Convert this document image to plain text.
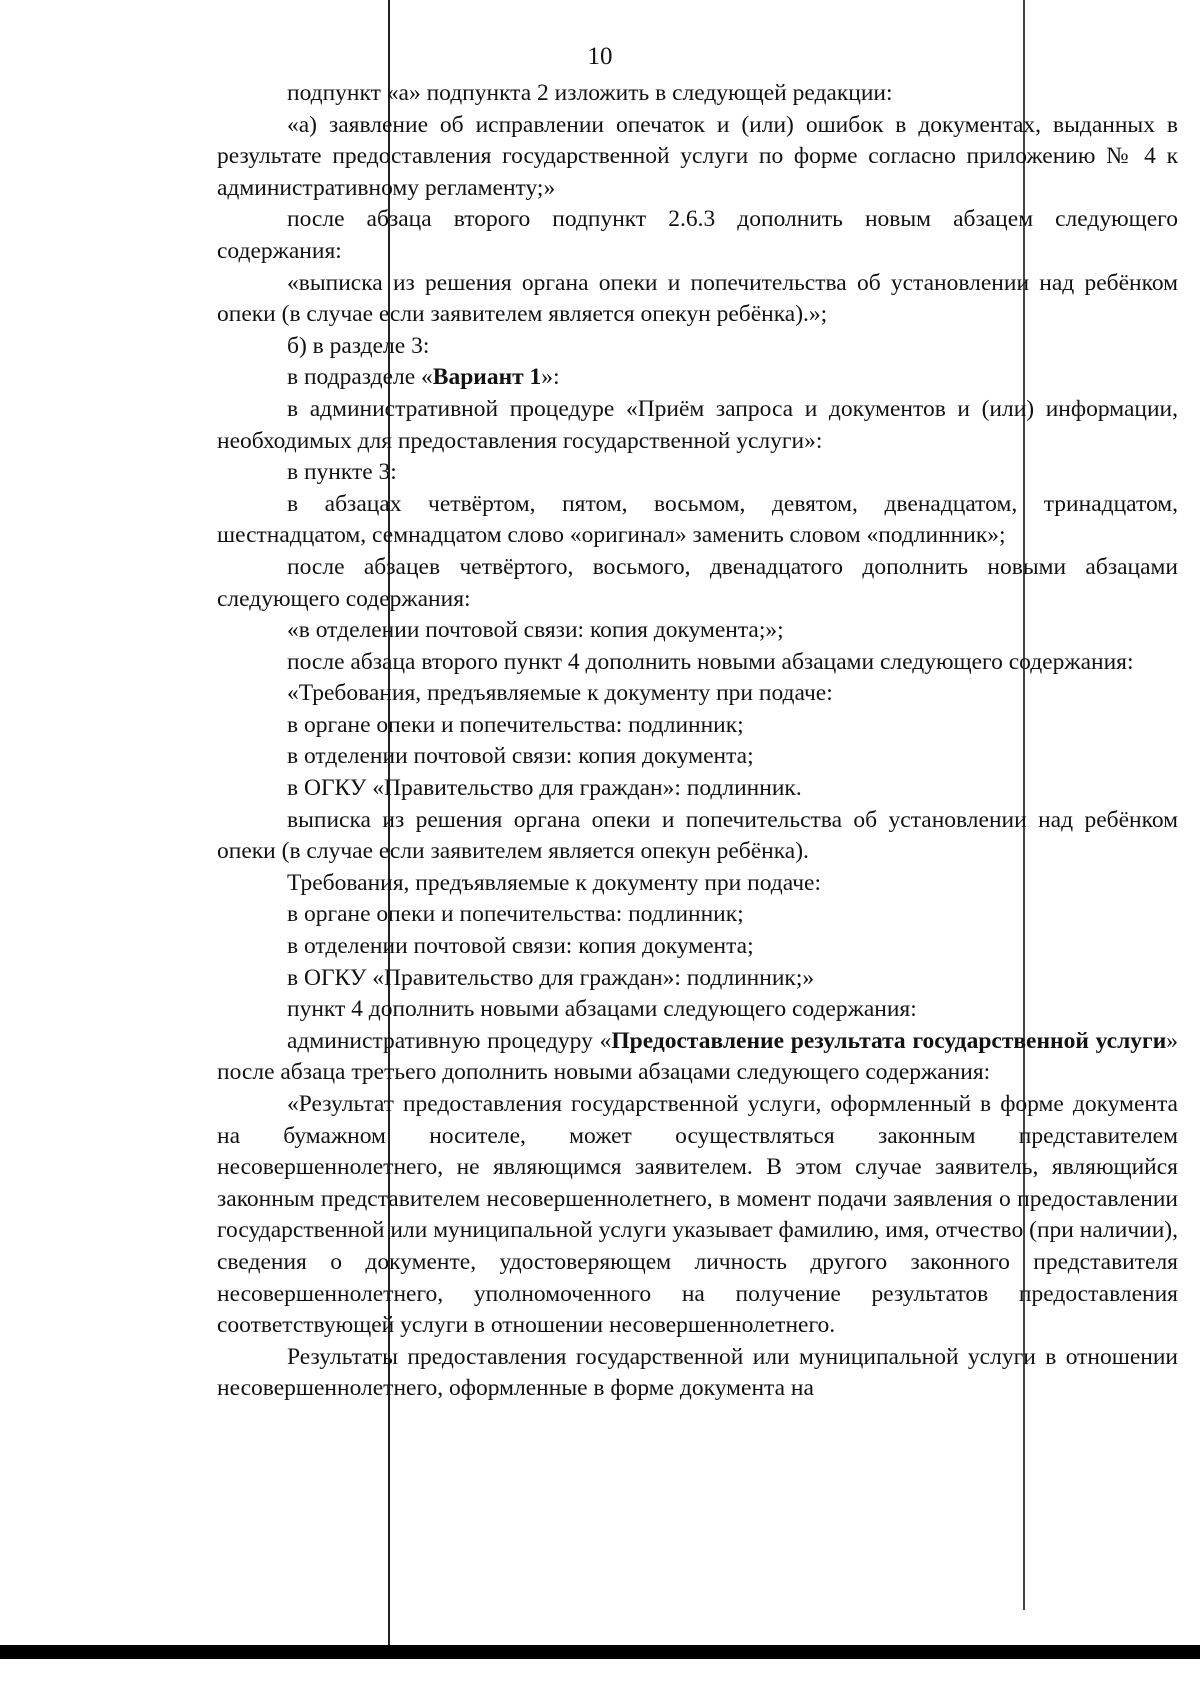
10

подпункт «а» подпункта 2 изложить в следующей редакции:

«а) заявление об исправлении опечаток и (или) ошибок в документах, выданных в результате предоставления государственной услуги по форме согласно приложению № 4 к административному регламенту;»

после абзаца второго подпункт 2.6.3 дополнить новым абзацем следующего содержания:

«выписка из решения органа опеки и попечительства об установлении над ребёнком опеки (в случае если заявителем является опекун ребёнка).»;

б) в разделе 3:

в подразделе «Вариант 1»:

в административной процедуре «Приём запроса и документов и (или) информации, необходимых для предоставления государственной услуги»:

в пункте 3:

в абзацах четвёртом, пятом, восьмом, девятом, двенадцатом, тринадцатом, шестнадцатом, семнадцатом слово «оригинал» заменить словом «подлинник»;

после абзацев четвёртого, восьмого, двенадцатого дополнить новыми абзацами следующего содержания:

«в отделении почтовой связи: копия документа;»;

после абзаца второго пункт 4 дополнить новыми абзацами следующего содержания:

«Требования, предъявляемые к документу при подаче:

в органе опеки и попечительства: подлинник;

в отделении почтовой связи: копия документа;

в ОГКУ «Правительство для граждан»: подлинник.

выписка из решения органа опеки и попечительства об установлении над ребёнком опеки (в случае если заявителем является опекун ребёнка).

Требования, предъявляемые к документу при подаче:

в органе опеки и попечительства: подлинник;

в отделении почтовой связи: копия документа;

в ОГКУ «Правительство для граждан»: подлинник;»

пункт 4 дополнить новыми абзацами следующего содержания:

административную процедуру «Предоставление результата государственной услуги» после абзаца третьего дополнить новыми абзацами следующего содержания:

«Результат предоставления государственной услуги, оформленный в форме документа на бумажном носителе, может осуществляться законным представителем несовершеннолетнего, не являющимся заявителем. В этом случае заявитель, являющийся законным представителем несовершеннолетнего, в момент подачи заявления о предоставлении государственной или муниципальной услуги указывает фамилию, имя, отчество (при наличии), сведения о документе, удостоверяющем личность другого законного представителя несовершеннолетнего, уполномоченного на получение результатов предоставления соответствующей услуги в отношении несовершеннолетнего.

Результаты предоставления государственной или муниципальной услуги в отношении несовершеннолетнего, оформленные в форме документа на
